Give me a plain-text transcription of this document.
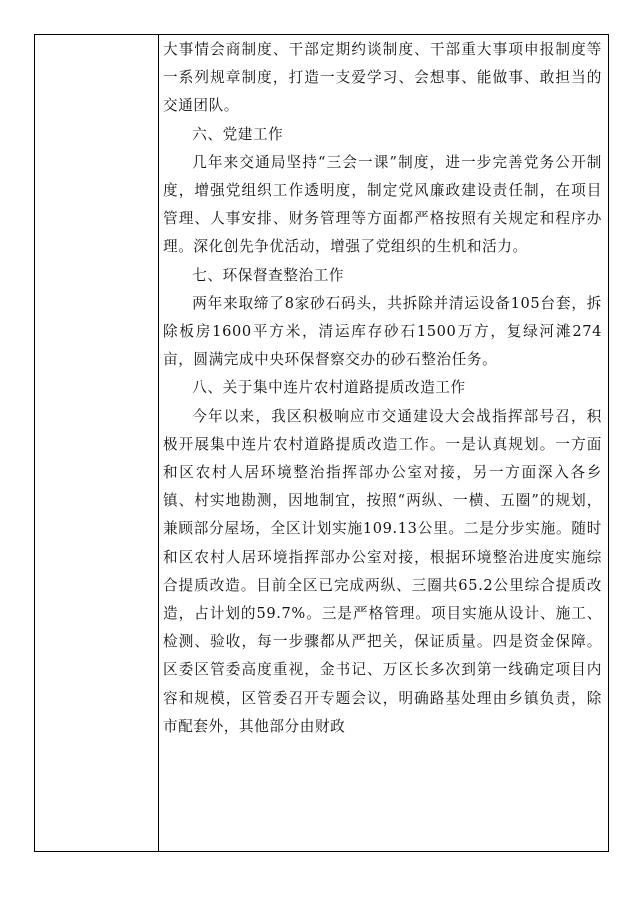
大事情会商制度、干部定期约谈制度、干部重大事项申报制度等一系列规章制度，打造一支爱学习、会想事、能做事、敢担当的交通团队。

六、党建工作

几年来交通局坚持“三会一课”制度，进一步完善党务公开制度，增强党组织工作透明度，制定党风廉政建设责任制，在项目管理、人事安排、财务管理等方面都严格按照有关规定和程序办理。深化创先争优活动，增强了党组织的生机和活力。

七、环保督查整治工作

两年来取缔了8家砂石码头，共拆除并清运设备105台套，拆除板房1600平方米，清运库存砂石1500万方，复绿河滩274亩，圆满完成中央环保督察交办的砂石整治任务。

八、关于集中连片农村道路提质改造工作

今年以来，我区积极响应市交通建设大会战指挥部号召，积极开展集中连片农村道路提质改造工作。一是认真规划。一方面和区农村人居环境整治指挥部办公室对接，另一方面深入各乡镇、村实地勘测，因地制宜，按照“两纵、一横、五圈”的规划，兼顾部分屋场，全区计划实施109.13公里。二是分步实施。随时和区农村人居环境指挥部办公室对接，根据环境整治进度实施综合提质改造。目前全区已完成两纵、三圈共65.2公里综合提质改造，占计划的59.7%。三是严格管理。项目实施从设计、施工、检测、验收，每一步骤都从严把关，保证质量。四是资金保障。区委区管委高度重视，金书记、万区长多次到第一线确定项目内容和规模，区管委召开专题会议，明确路基处理由乡镇负责，除市配套外，其他部分由财政
